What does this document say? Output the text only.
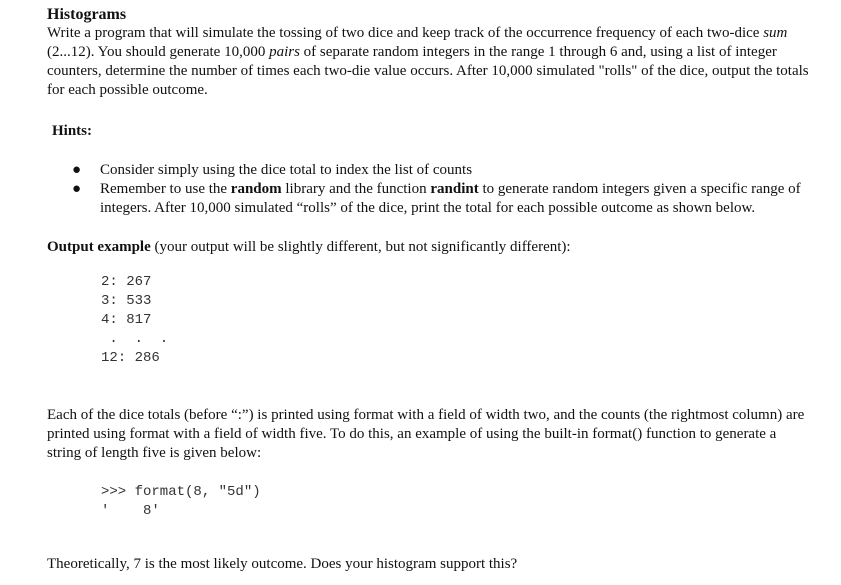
Histograms

Write a program that will simulate the tossing of two dice and keep track of the occurrence frequency of each two-dice sum (2...12). You should generate 10,000 pairs of separate random integers in the range 1 through 6 and, using a list of integer counters, determine the number of times each two-die value occurs. After 10,000 simulated "rolls" of the dice, output the totals for each possible outcome.

Hints:

● Consider simply using the dice total to index the list of counts
● Remember to use the random library and the function randint to generate random integers given a specific range of integers. After 10,000 simulated “rolls” of the dice, print the total for each possible outcome as shown below.

Output example (your output will be slightly different, but not significantly different):

2: 267
3: 533
4: 817
.  .  .
12: 286

Each of the dice totals (before “:”) is printed using format with a field of width two, and the counts (the rightmost column) are printed using format with a field of width five. To do this, an example of using the built-in format() function to generate a string of length five is given below:

>>> format(8, "5d")
'    8'

Theoretically, 7 is the most likely outcome. Does your histogram support this?
